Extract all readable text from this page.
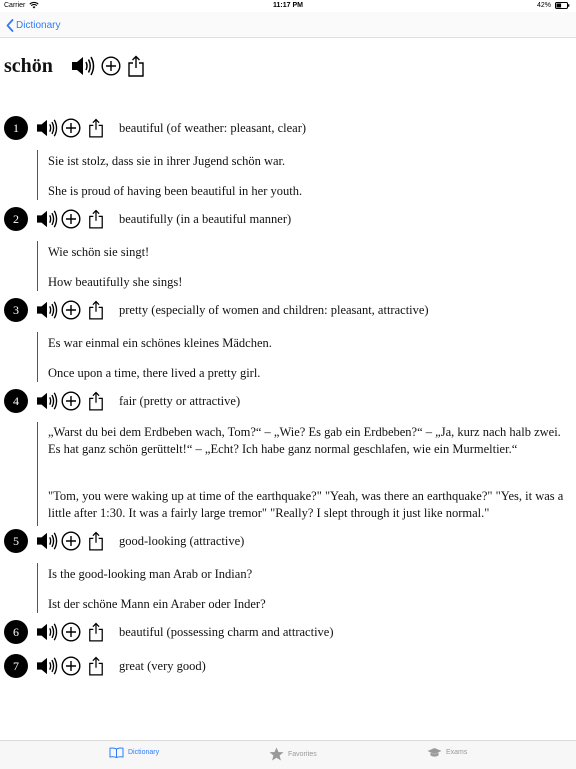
Carrier	11:17 PM	42%
Dictionary
schön
1	beautiful (of weather: pleasant, clear)
Sie ist stolz, dass sie in ihrer Jugend schön war.
She is proud of having been beautiful in her youth.
2	beautifully (in a beautiful manner)
Wie schön sie singt!
How beautifully she sings!
3	pretty (especially of women and children: pleasant, attractive)
Es war einmal ein schönes kleines Mädchen.
Once upon a time, there lived a pretty girl.
4	fair (pretty or attractive)
„Warst du bei dem Erdbeben wach, Tom?“ – „Wie? Es gab ein Erdbeben?“ – „Ja, kurz nach halb zwei. Es hat ganz schön gerüttelt!“ – „Echt? Ich habe ganz normal geschlafen, wie ein Murmeltier.“
"Tom, you were waking up at time of the earthquake?" "Yeah, was there an earthquake?" "Yes, it was a little after 1:30. It was a fairly large tremor" "Really? I slept through it just like normal."
5	good-looking (attractive)
Is the good-looking man Arab or Indian?
Ist der schöne Mann ein Araber oder Inder?
6	beautiful (possessing charm and attractive)
7	great (very good)
Dictionary	Favorites	Exams
